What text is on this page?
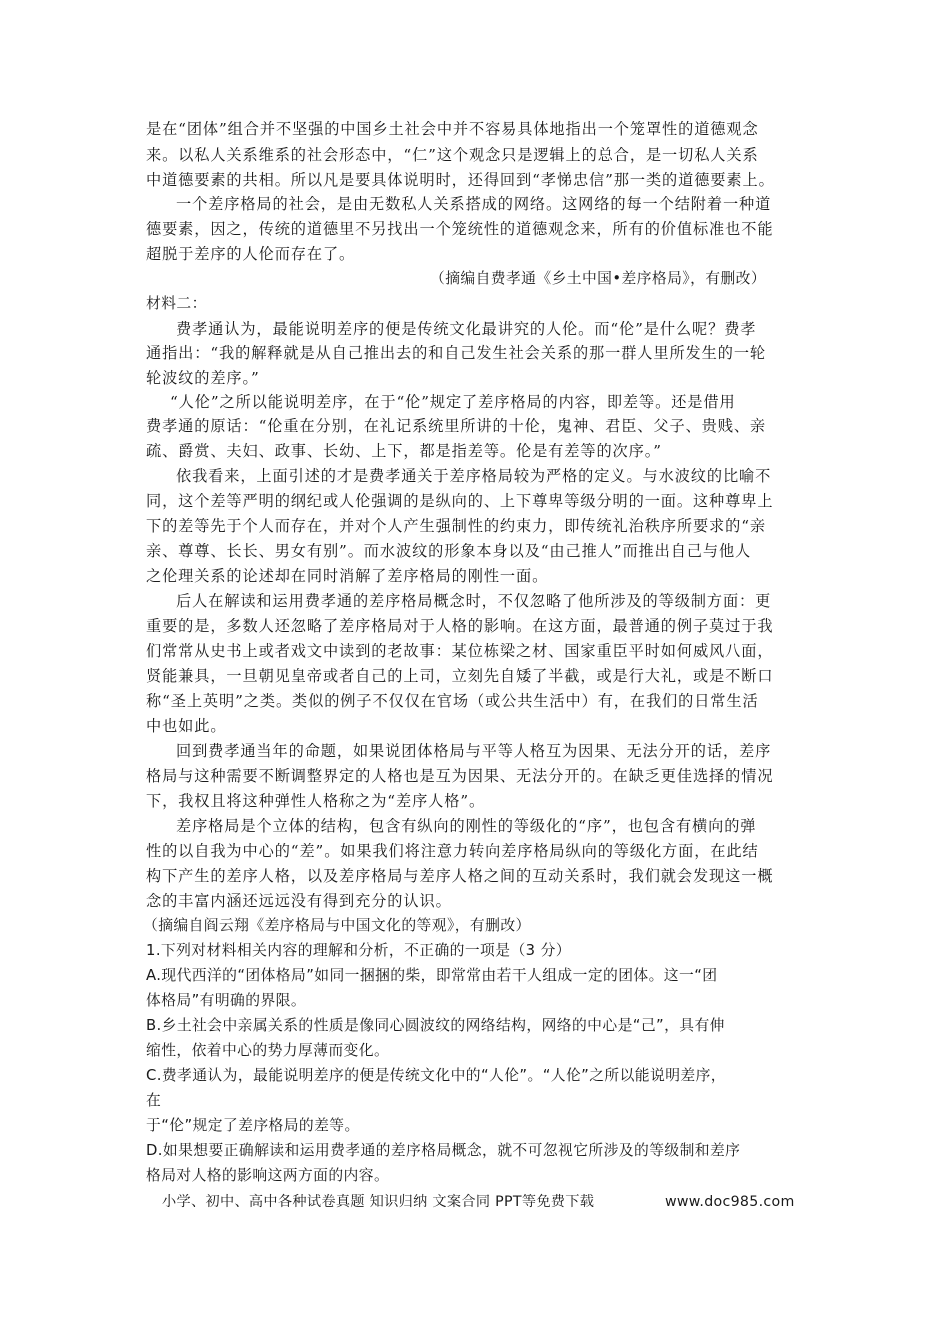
是在“团体”组合并不坚强的中国乡土社会中并不容易具体地指出一个笼罩性的道德观念
来。以私人关系维系的社会形态中，“仁”这个观念只是逻辑上的总合，是一切私人关系
中道德要素的共相。所以凡是要具体说明时，还得回到“孝悌忠信”那一类的道德要素上。
一个差序格局的社会，是由无数私人关系搭成的网络。这网络的每一个结附着一种道
德要素，因之，传统的道德里不另找出一个笼统性的道德观念来，所有的价值标准也不能
超脱于差序的人伦而存在了。
（摘编自费孝通《乡土中国•差序格局》，有删改）
材料二：
费孝通认为，最能说明差序的便是传统文化最讲究的人伦。而“伦”是什么呢？费孝
通指出：“我的解释就是从自己推出去的和自己发生社会关系的那一群人里所发生的一轮
轮波纹的差序。”
“人伦”之所以能说明差序，在于“伦”规定了差序格局的内容，即差等。还是借用
费孝通的原话：“伦重在分别，在礼记系统里所讲的十伦，鬼神、君臣、父子、贵贱、亲
疏、爵赏、夫妇、政事、长幼、上下，都是指差等。伦是有差等的次序。”
依我看来，上面引述的才是费孝通关于差序格局较为严格的定义。与水波纹的比喻不
同，这个差等严明的纲纪或人伦强调的是纵向的、上下尊卑等级分明的一面。这种尊卑上
下的差等先于个人而存在，并对个人产生强制性的约束力，即传统礼治秩序所要求的“亲
亲、尊尊、长长、男女有别”。而水波纹的形象本身以及“由己推人”而推出自己与他人
之伦理关系的论述却在同时消解了差序格局的刚性一面。
后人在解读和运用费孝通的差序格局概念时，不仅忽略了他所涉及的等级制方面：更
重要的是，多数人还忽略了差序格局对于人格的影响。在这方面，最普通的例子莫过于我
们常常从史书上或者戏文中读到的老故事：某位栋梁之材、国家重臣平时如何威风八面，
贤能兼具，一旦朝见皇帝或者自己的上司，立刻先自矮了半截，或是行大礼，或是不断口
称“圣上英明”之类。类似的例子不仅仅在官场（或公共生活中）有，在我们的日常生活
中也如此。
回到费孝通当年的命题，如果说团体格局与平等人格互为因果、无法分开的话，差序
格局与这种需要不断调整界定的人格也是互为因果、无法分开的。在缺乏更佳选择的情况
下，我权且将这种弹性人格称之为“差序人格”。
差序格局是个立体的结构，包含有纵向的刚性的等级化的“序”，也包含有横向的弹
性的以自我为中心的“差”。如果我们将注意力转向差序格局纵向的等级化方面，在此结
构下产生的差序人格，以及差序格局与差序人格之间的互动关系时，我们就会发现这一概
念的丰富内涵还远远没有得到充分的认识。
（摘编自阎云翔《差序格局与中国文化的等观》，有删改）
1.下列对材料相关内容的理解和分析，不正确的一项是（3 分）
A.现代西洋的“团体格局”如同一捆捆的柴，即常常由若干人组成一定的团体。这一“团
体格局”有明确的界限。
B.乡土社会中亲属关系的性质是像同心圆波纹的网络结构，网络的中心是“己”，具有伸
缩性，依着中心的势力厚薄而变化。
C.费孝通认为，最能说明差序的便是传统文化中的“人伦”。“人伦”之所以能说明差序，
在
于“伦”规定了差序格局的差等。
D.如果想要正确解读和运用费孝通的差序格局概念，就不可忽视它所涉及的等级制和差序
格局对人格的影响这两方面的内容。
小学、初中、高中各种试卷真题 知识归纳 文案合同 PPT等免费下载	www.doc985.com
